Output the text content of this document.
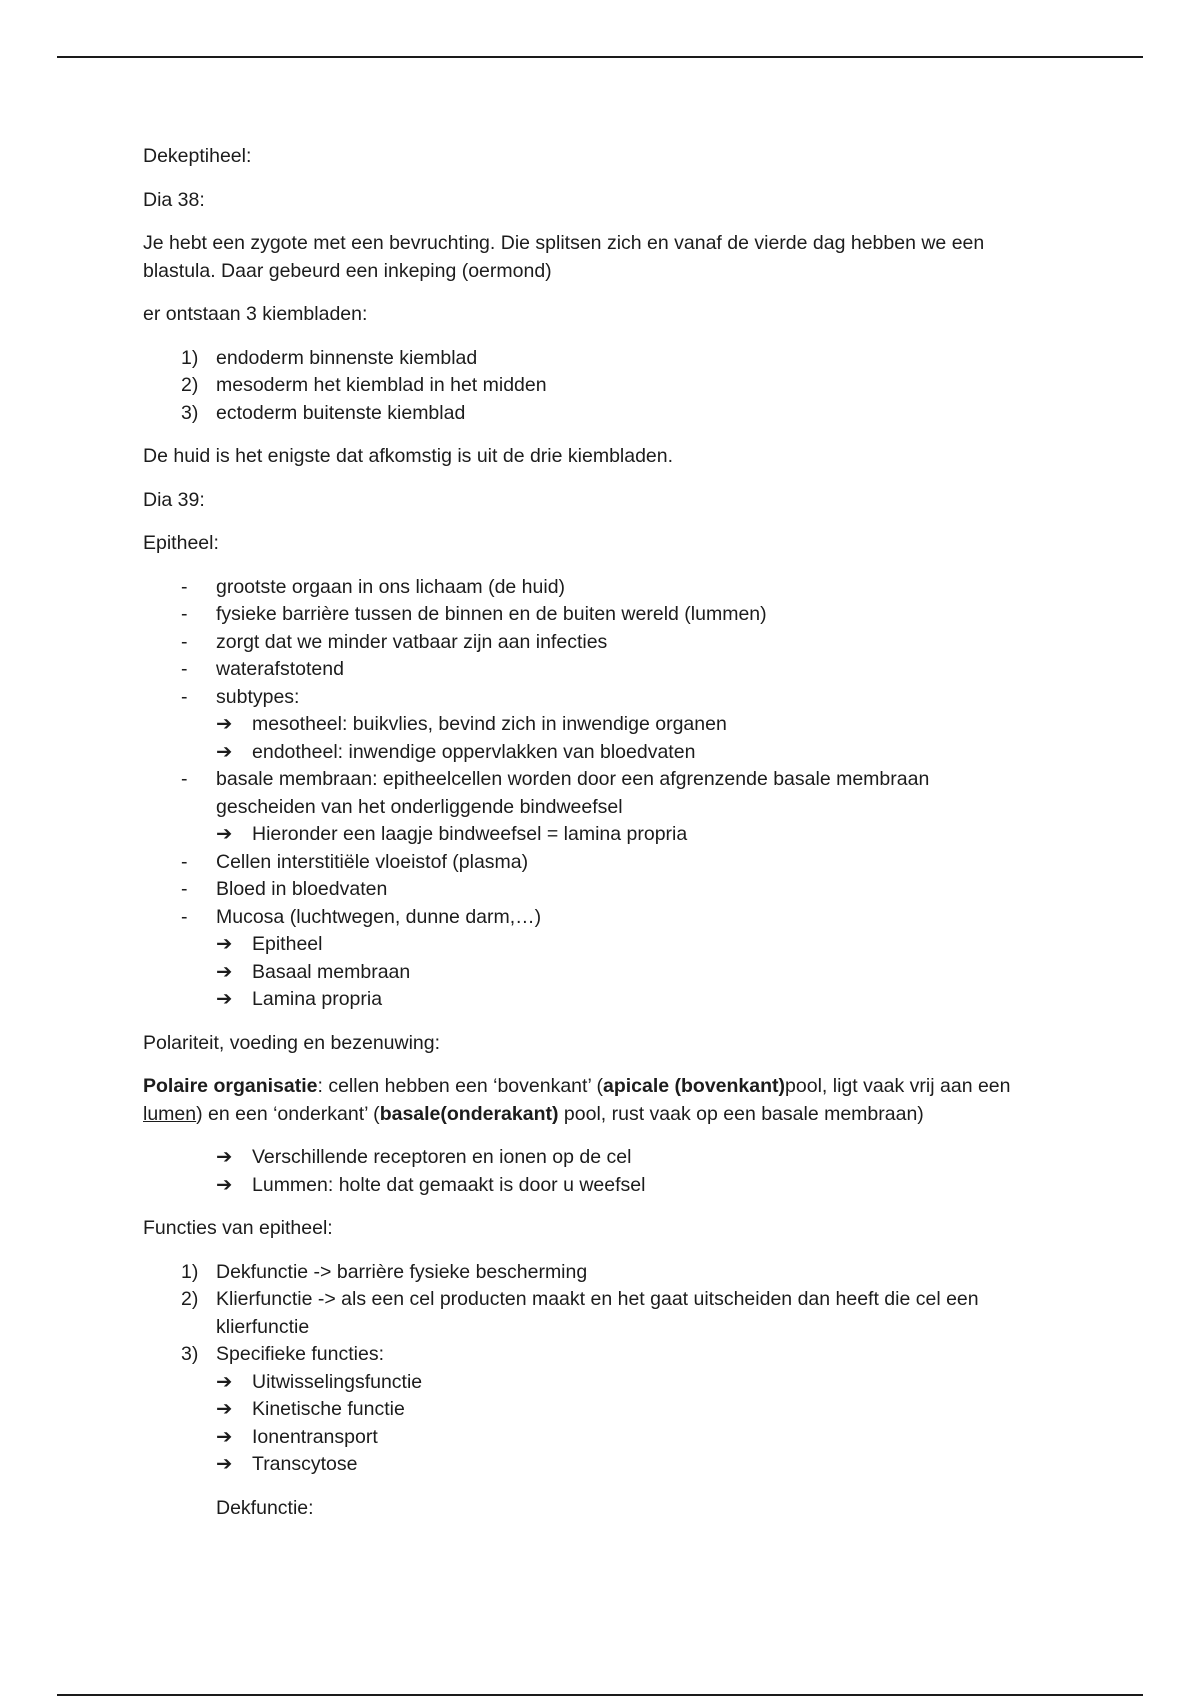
Dekeptiheel:

Dia 38:

Je hebt een zygote met een bevruchting. Die splitsen zich en vanaf de vierde dag hebben we een
blastula. Daar gebeurd een inkeping (oermond)

er ontstaan 3 kiembladen:

1) endoderm binnenste kiemblad
2) mesoderm het kiemblad in het midden
3) ectoderm buitenste kiemblad

De huid is het enigste dat afkomstig is uit de drie kiembladen.

Dia 39:

Epitheel:

- grootste orgaan in ons lichaam (de huid)
- fysieke barrière tussen de binnen en de buiten wereld (lummen)
- zorgt dat we minder vatbaar zijn aan infecties
- waterafstotend
- subtypes:
➔ mesotheel: buikvlies, bevind zich in inwendige organen
➔ endotheel: inwendige oppervlakken van bloedvaten
- basale membraan: epitheelcellen worden door een afgrenzende basale membraan
gescheiden van het onderliggende bindweefsel
➔ Hieronder een laagje bindweefsel = lamina propria
- Cellen interstitiële vloeistof (plasma)
- Bloed in bloedvaten
- Mucosa (luchtwegen, dunne darm,…)
➔ Epitheel
➔ Basaal membraan
➔ Lamina propria

Polariteit, voeding en bezenuwing:

Polaire organisatie: cellen hebben een ‘bovenkant’ (apicale (bovenkant)pool, ligt vaak vrij aan een
lumen) en een ‘onderkant’ (basale(onderakant) pool, rust vaak op een basale membraan)

➔ Verschillende receptoren en ionen op de cel
➔ Lummen: holte dat gemaakt is door u weefsel

Functies van epitheel:

1) Dekfunctie -> barrière fysieke bescherming
2) Klierfunctie -> als een cel producten maakt en het gaat uitscheiden dan heeft die cel een
klierfunctie
3) Specifieke functies:
➔ Uitwisselingsfunctie
➔ Kinetische functie
➔ Ionentransport
➔ Transcytose

Dekfunctie:
